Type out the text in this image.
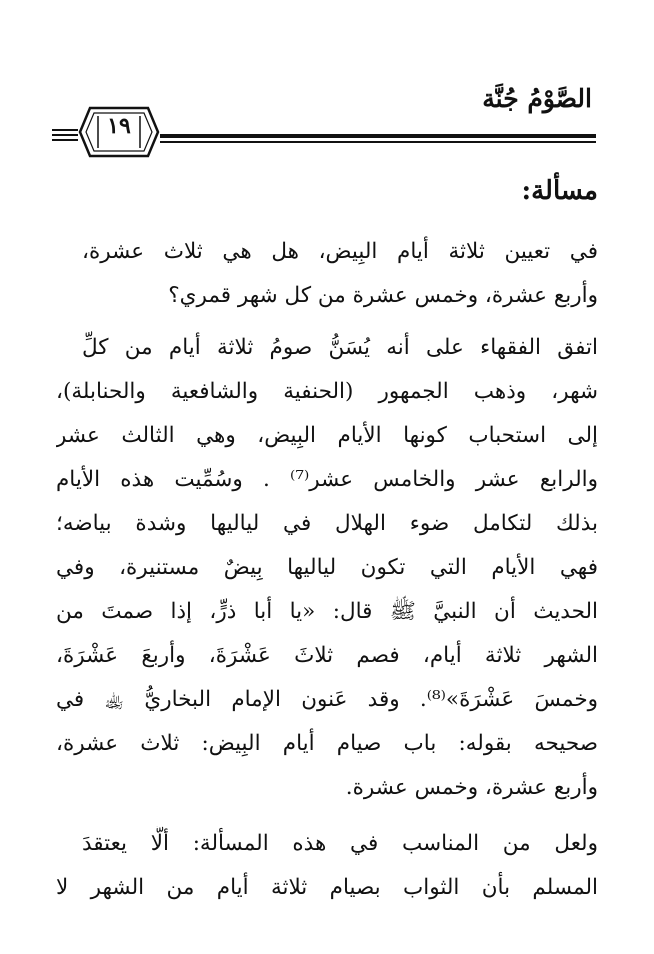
الصَّوْمُ جُنَّة
١٩
مسألة:
في تعيين ثلاثة أيام البِيض، هل هي ثلاث عشرة،
وأربع عشرة، وخمس عشرة من كل شهر قمري؟
اتفق الفقهاء على أنه يُسَنُّ صومُ ثلاثة أيام من كلِّ
شهر، وذهب الجمهور (الحنفية والشافعية والحنابلة)،
إلى استحباب كونها الأيام البِيض، وهي الثالث عشر
والرابع عشر والخامس عشر⁽⁷⁾ . وسُمِّيت هذه الأيام
بذلك لتكامل ضوء الهلال في لياليها وشدة بياضه؛
فهي الأيام التي تكون لياليها بِيضٌ مستنيرة، وفي
الحديث أن النبيَّ ﷺ قال: «يا أبا ذرٍّ، إذا صمتَ من
الشهر ثلاثة أيام، فصم ثلاثَ عَشْرَةَ، وأربعَ عَشْرَةَ،
وخمسَ عَشْرَةَ»⁽⁸⁾. وقد عَنون الإمام البخاريُّ ﵀ في
صحيحه بقوله: باب صيام أيام البِيض: ثلاث عشرة،
وأربع عشرة، وخمس عشرة.
ولعل من المناسب في هذه المسألة: ألَّا يعتقدَ
المسلم بأن الثواب بصيام ثلاثة أيام من الشهر لا
